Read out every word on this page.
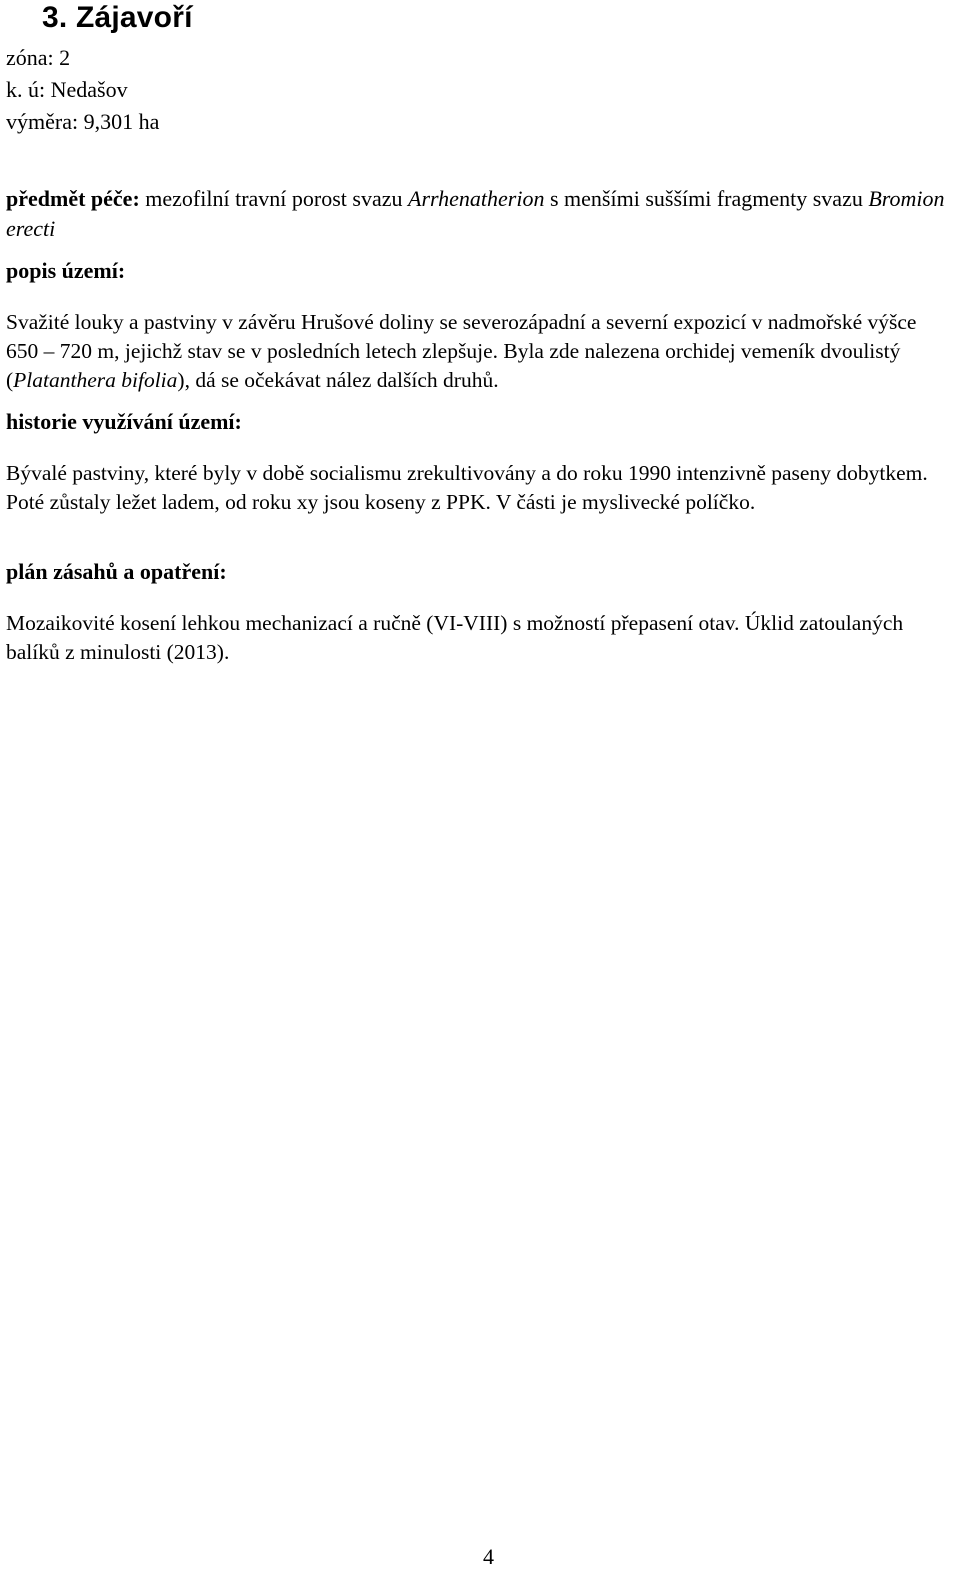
3. Zájavoří

zóna: 2

k. ú: Nedašov

výměra: 9,301 ha

předmět péče: mezofilní travní porost svazu Arrhenatherion s menšími suššími fragmenty svazu Bromion erecti

popis území:

Svažité louky a pastviny v závěru Hrušové doliny se severozápadní a severní expozicí v nadmořské výšce 650 – 720 m, jejichž stav se v posledních letech zlepšuje. Byla zde nalezena orchidej vemeník dvoulistý (Platanthera bifolia), dá se očekávat nález dalších druhů.

historie využívání území:

Bývalé pastviny, které byly v době socialismu zrekultivovány a do roku 1990 intenzivně paseny dobytkem. Poté zůstaly ležet ladem, od roku xy jsou koseny z PPK. V části je myslivecké políčko.

plán zásahů a opatření:

Mozaikovité kosení lehkou mechanizací a ručně (VI-VIII) s možností přepasení otav. Úklid zatoulaných balíků z minulosti (2013).

4
